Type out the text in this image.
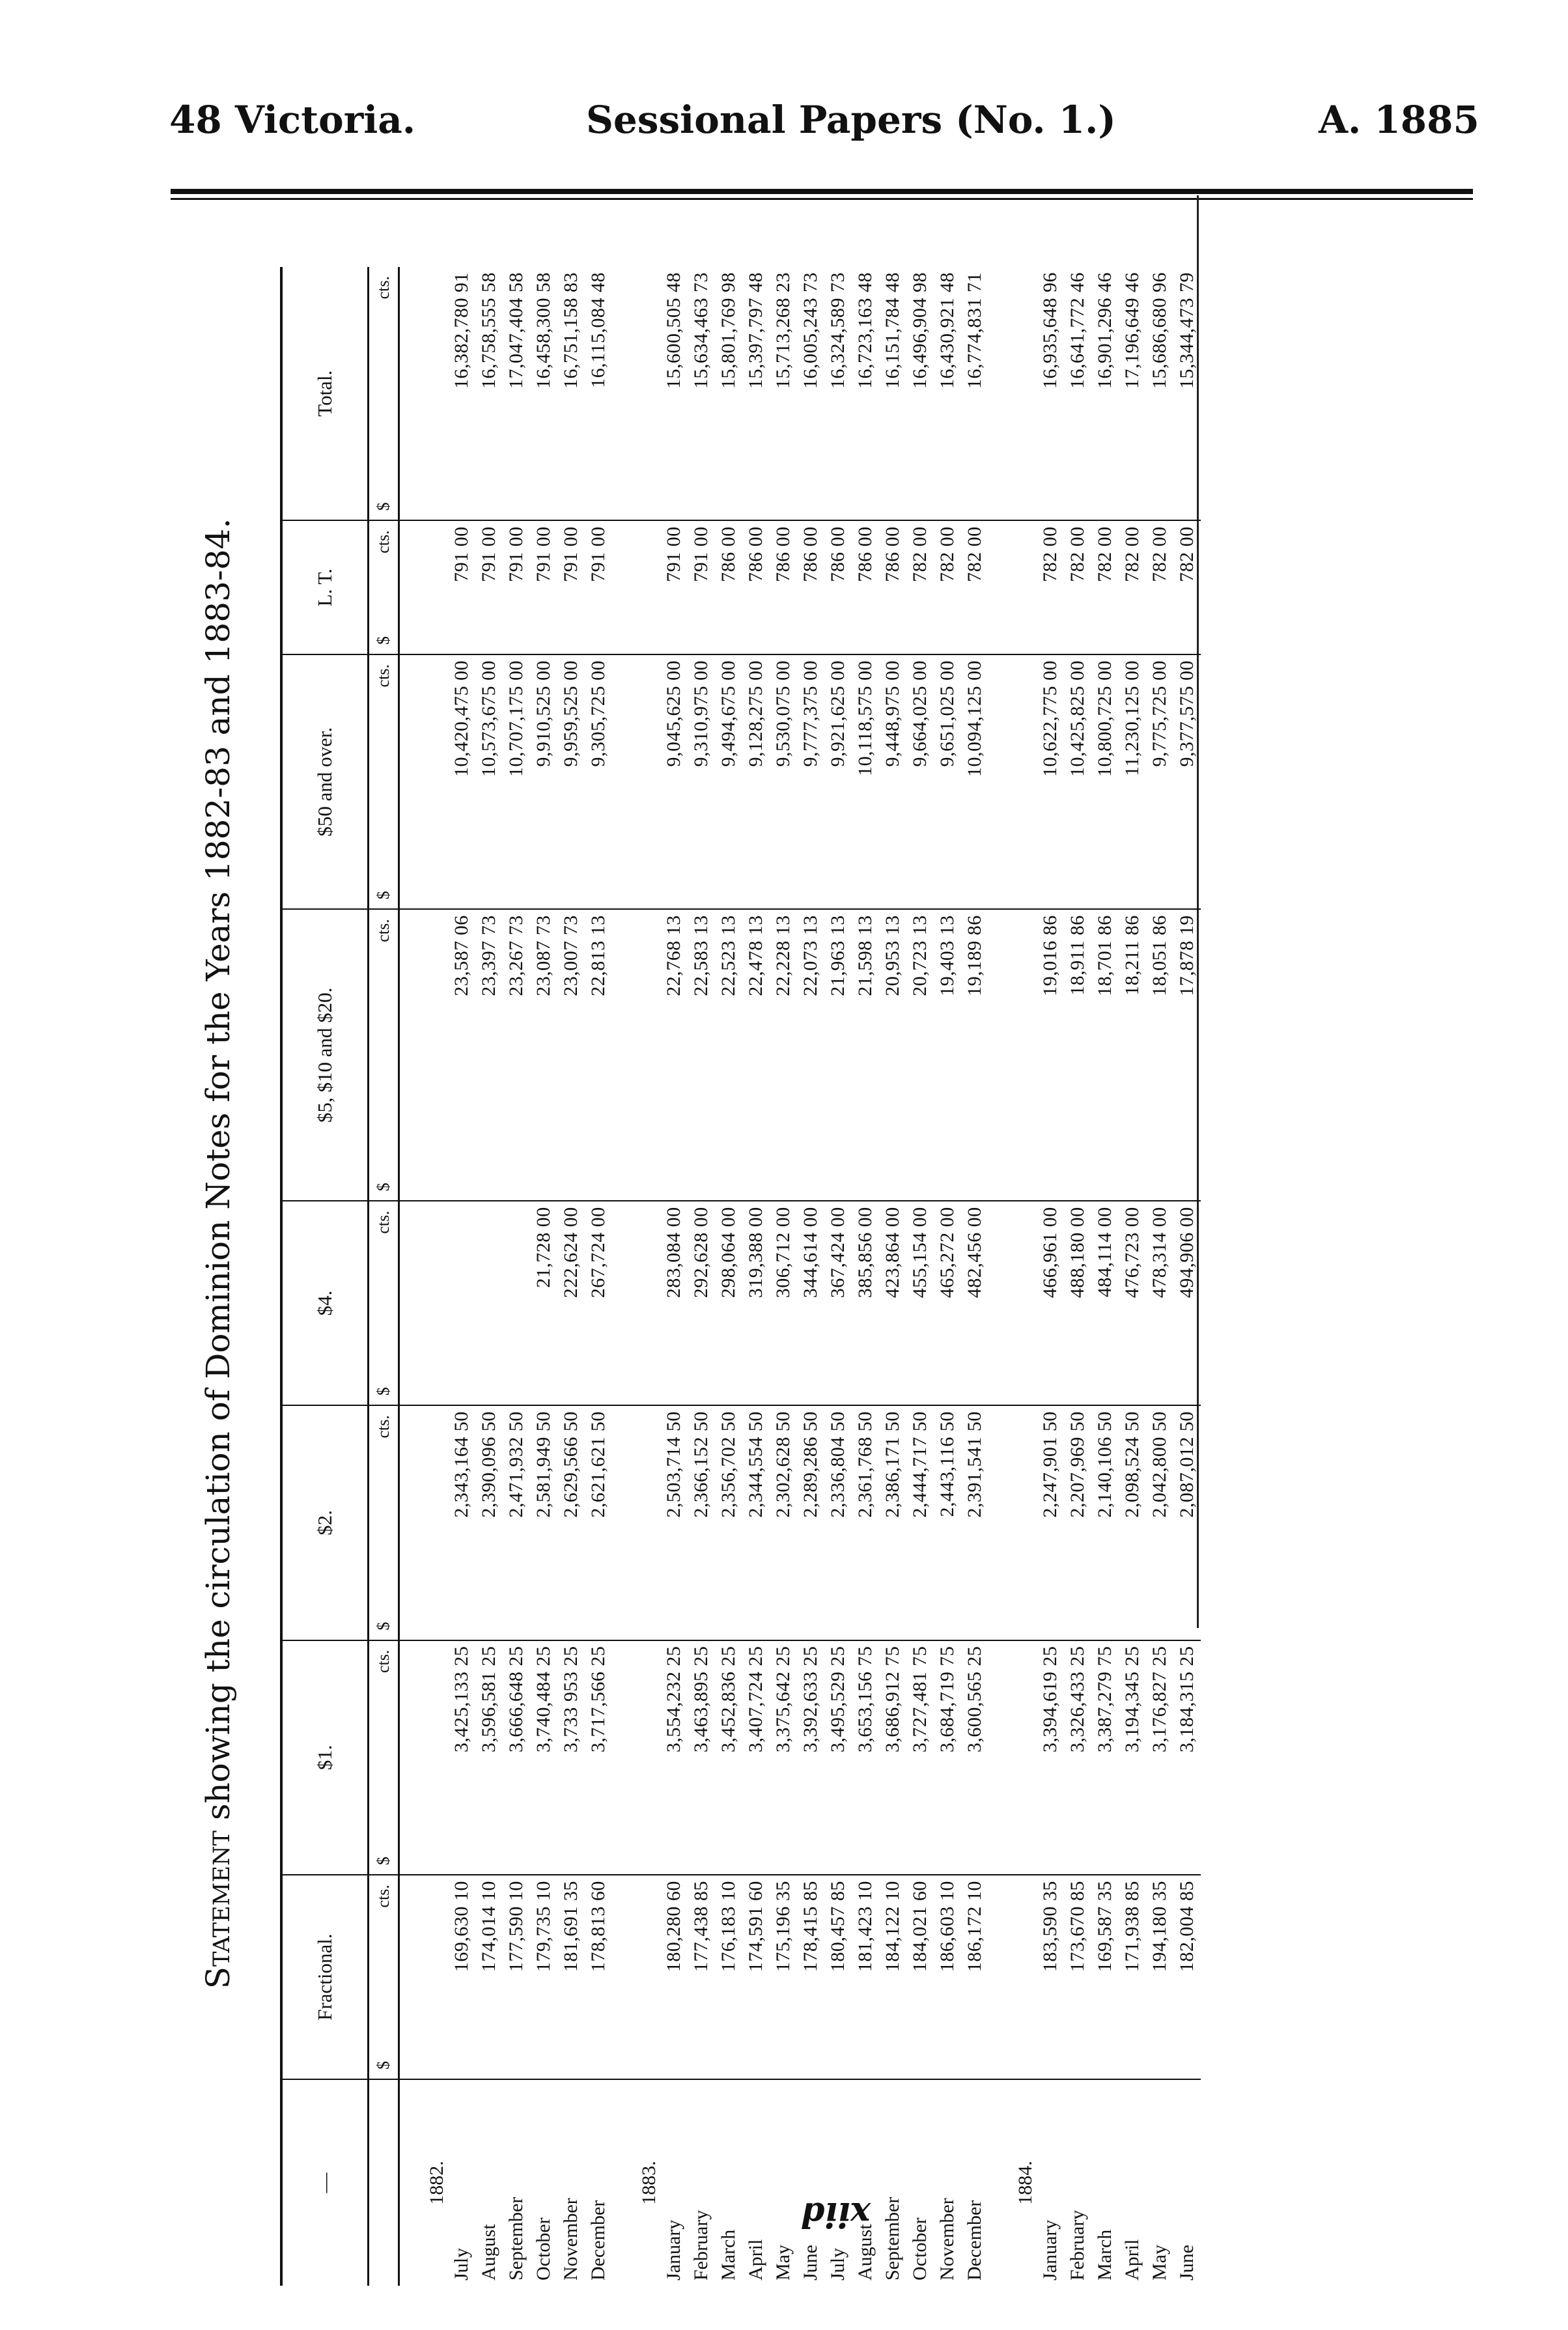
48 Victoria.	Sessional Papers (No. 1.)	A. 1885
Statement showing the circulation of Dominion Notes for the Years 1882-83 and 1883-84.
—	Fractional.	$1.	$2.	$4.	$5, $10 and $20.	$50 and over.	L. T.	Total.

	$
cts.	$
cts.	$
cts.	$
cts.	$
cts.	$
cts.	$
cts.	$
cts.

1882.								
July	169,630 10	3,425,133 25	2,343,164 50		23,587 06	10,420,475 00	791 00	16,382,780 91
August	174,014 10	3,596,581 25	2,390,096 50		23,397 73	10,573,675 00	791 00	16,758,555 58
September	177,590 10	3,666,648 25	2,471,932 50		23,267 73	10,707,175 00	791 00	17,047,404 58
October	179,735 10	3,740,484 25	2,581,949 50	21,728 00	23,087 73	9,910,525 00	791 00	16,458,300 58
November	181,691 35	3,733 953 25	2,629,566 50	222,624 00	23,007 73	9,959,525 00	791 00	16,751,158 83
December	178,813 60	3,717,566 25	2,621,621 50	267,724 00	22,813 13	9,305,725 00	791 00	16,115,084 48
1883.								
January	180,280 60	3,554,232 25	2,503,714 50	283,084 00	22,768 13	9,045,625 00	791 00	15,600,505 48
February	177,438 85	3,463,895 25	2,366,152 50	292,628 00	22,583 13	9,310,975 00	791 00	15,634,463 73
March	176,183 10	3,452,836 25	2,356,702 50	298,064 00	22,523 13	9,494,675 00	786 00	15,801,769 98
April	174,591 60	3,407,724 25	2,344,554 50	319,388 00	22,478 13	9,128,275 00	786 00	15,397,797 48
May	175,196 35	3,375,642 25	2,302,628 50	306,712 00	22,228 13	9,530,075 00	786 00	15,713,268 23
June	178,415 85	3,392,633 25	2,289,286 50	344,614 00	22,073 13	9,777,375 00	786 00	16,005,243 73
July	180,457 85	3,495,529 25	2,336,804 50	367,424 00	21,963 13	9,921,625 00	786 00	16,324,589 73
August	181,423 10	3,653,156 75	2,361,768 50	385,856 00	21,598 13	10,118,575 00	786 00	16,723,163 48
September	184,122 10	3,686,912 75	2,386,171 50	423,864 00	20,953 13	9,448,975 00	786 00	16,151,784 48
October	184,021 60	3,727,481 75	2,444,717 50	455,154 00	20,723 13	9,664,025 00	782 00	16,496,904 98
November	186,603 10	3,684,719 75	2,443,116 50	465,272 00	19,403 13	9,651,025 00	782 00	16,430,921 48
December	186,172 10	3,600,565 25	2,391,541 50	482,456 00	19,189 86	10,094,125 00	782 00	16,774,831 71
1884.								
January	183,590 35	3,394,619 25	2,247,901 50	466,961 00	19,016 86	10,622,775 00	782 00	16,935,648 96
February	173,670 85	3,326,433 25	2,207,969 50	488,180 00	18,911 86	10,425,825 00	782 00	16,641,772 46
March	169,587 35	3,387,279 75	2,140,106 50	484,114 00	18,701 86	10,800,725 00	782 00	16,901,296 46
April	171,938 85	3,194,345 25	2,098,524 50	476,723 00	18,211 86	11,230,125 00	782 00	17,196,649 46
May	194,180 35	3,176,827 25	2,042,800 50	478,314 00	18,051 86	9,775,725 00	782 00	15,686,680 96
June	182,004 85	3,184,315 25	2,087,012 50	494,906 00	17,878 19	9,377,575 00	782 00	15,344,473 79
xiid
